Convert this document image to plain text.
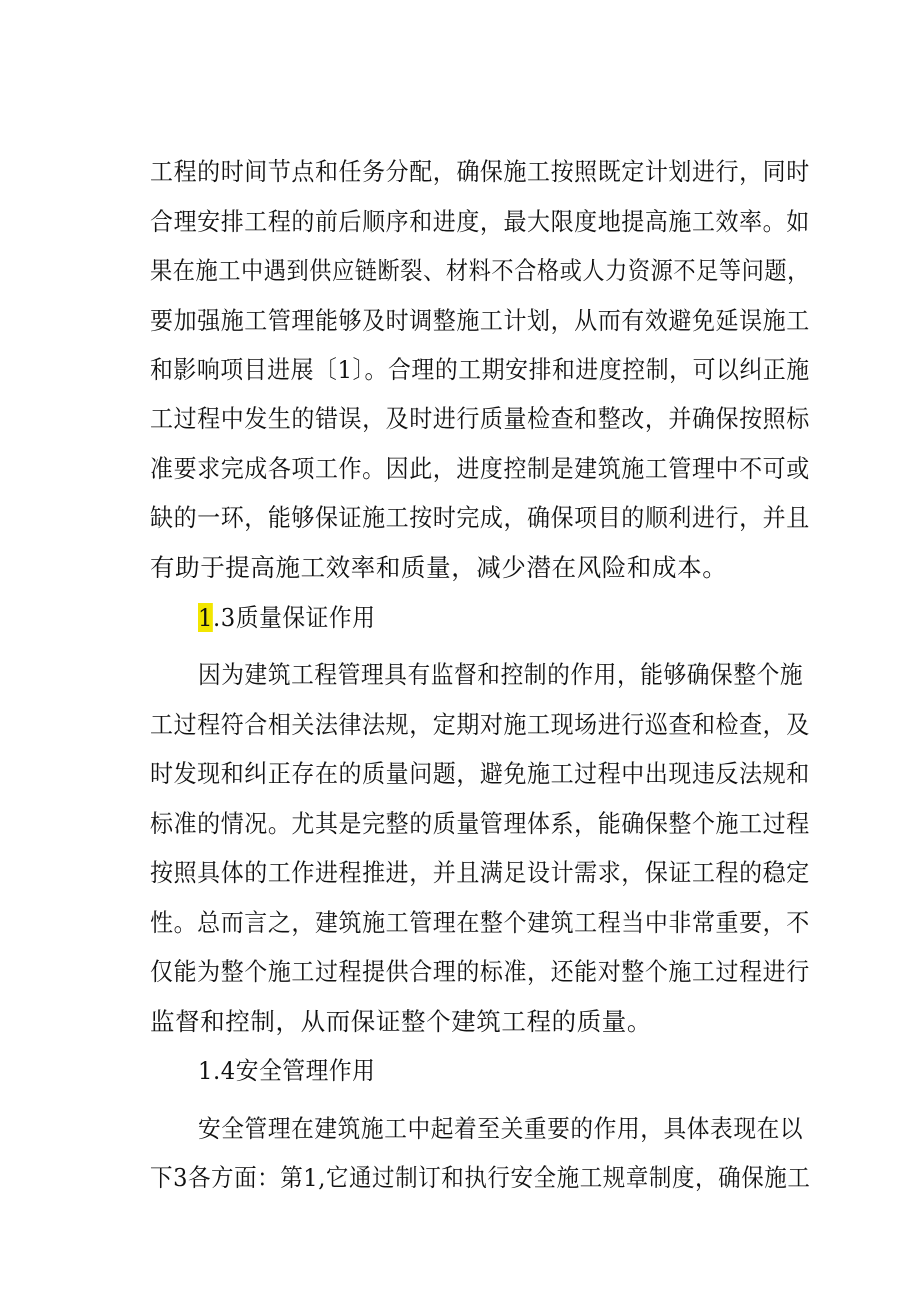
工程的时间节点和任务分配，确保施工按照既定计划进行，同时
合理安排工程的前后顺序和进度，最大限度地提高施工效率。如
果在施工中遇到供应链断裂、材料不合格或人力资源不足等问题，
要加强施工管理能够及时调整施工计划，从而有效避免延误施工
和影响项目进展〔1〕。合理的工期安排和进度控制，可以纠正施
工过程中发生的错误，及时进行质量检查和整改，并确保按照标
准要求完成各项工作。因此，进度控制是建筑施工管理中不可或
缺的一环，能够保证施工按时完成，确保项目的顺利进行，并且
有助于提高施工效率和质量，减少潜在风险和成本。
1.3质量保证作用
因为建筑工程管理具有监督和控制的作用，能够确保整个施
工过程符合相关法律法规，定期对施工现场进行巡查和检查，及
时发现和纠正存在的质量问题，避免施工过程中出现违反法规和
标准的情况。尤其是完整的质量管理体系，能确保整个施工过程
按照具体的工作进程推进，并且满足设计需求，保证工程的稳定
性。总而言之，建筑施工管理在整个建筑工程当中非常重要，不
仅能为整个施工过程提供合理的标准，还能对整个施工过程进行
监督和控制，从而保证整个建筑工程的质量。
1.4安全管理作用
安全管理在建筑施工中起着至关重要的作用，具体表现在以
下3各方面：第1,它通过制订和执行安全施工规章制度，确保施工
